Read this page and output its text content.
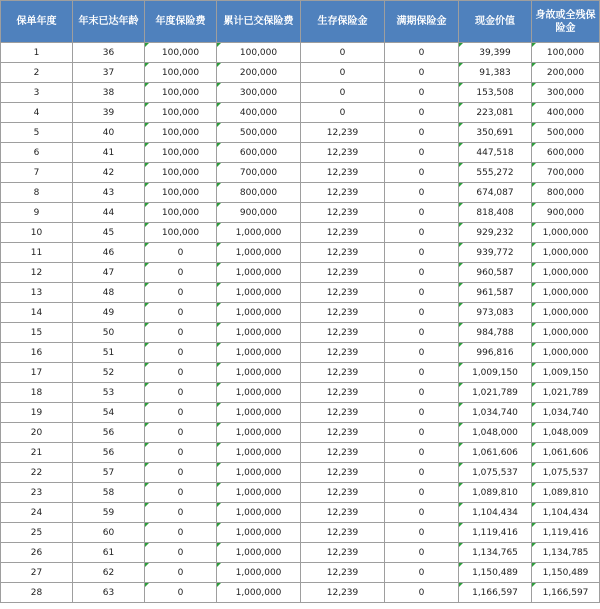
保单年度	年末已达年龄	年度保险费	累计已交保险费	生存保险金	满期保险金	现金价值	身故或全残保险金
1	36	100,000	100,000	0	0	39,399	100,000
2	37	100,000	200,000	0	0	91,383	200,000
3	38	100,000	300,000	0	0	153,508	300,000
4	39	100,000	400,000	0	0	223,081	400,000
5	40	100,000	500,000	12,239	0	350,691	500,000
6	41	100,000	600,000	12,239	0	447,518	600,000
7	42	100,000	700,000	12,239	0	555,272	700,000
8	43	100,000	800,000	12,239	0	674,087	800,000
9	44	100,000	900,000	12,239	0	818,408	900,000
10	45	100,000	1,000,000	12,239	0	929,232	1,000,000
11	46	0	1,000,000	12,239	0	939,772	1,000,000
12	47	0	1,000,000	12,239	0	960,587	1,000,000
13	48	0	1,000,000	12,239	0	961,587	1,000,000
14	49	0	1,000,000	12,239	0	973,083	1,000,000
15	50	0	1,000,000	12,239	0	984,788	1,000,000
16	51	0	1,000,000	12,239	0	996,816	1,000,000
17	52	0	1,000,000	12,239	0	1,009,150	1,009,150
18	53	0	1,000,000	12,239	0	1,021,789	1,021,789
19	54	0	1,000,000	12,239	0	1,034,740	1,034,740
20	56	0	1,000,000	12,239	0	1,048,000	1,048,009
21	56	0	1,000,000	12,239	0	1,061,606	1,061,606
22	57	0	1,000,000	12,239	0	1,075,537	1,075,537
23	58	0	1,000,000	12,239	0	1,089,810	1,089,810
24	59	0	1,000,000	12,239	0	1,104,434	1,104,434
25	60	0	1,000,000	12,239	0	1,119,416	1,119,416
26	61	0	1,000,000	12,239	0	1,134,765	1,134,785
27	62	0	1,000,000	12,239	0	1,150,489	1,150,489
28	63	0	1,000,000	12,239	0	1,166,597	1,166,597
